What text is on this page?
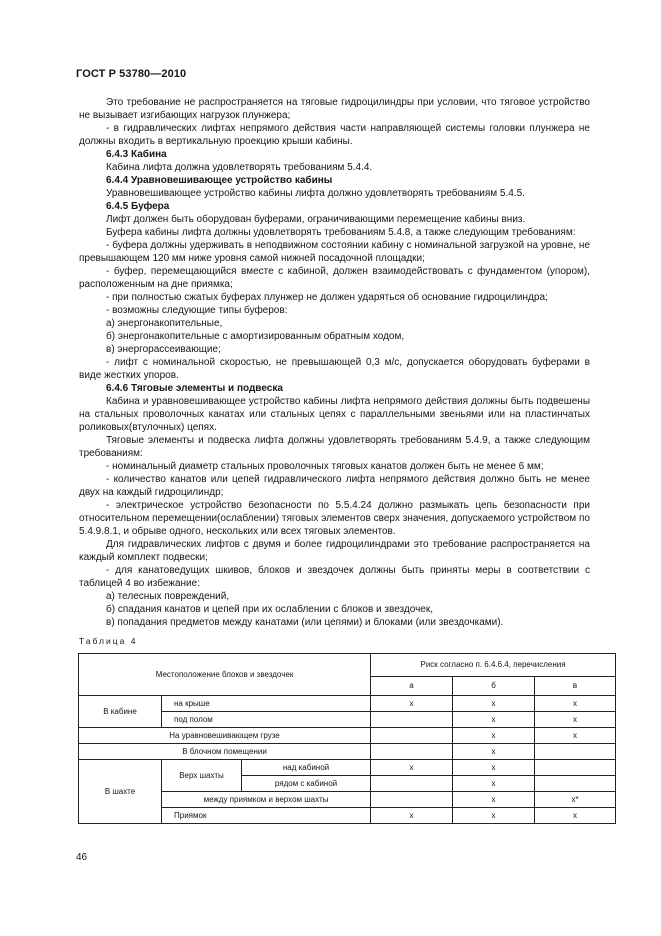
ГОСТ Р 53780—2010

Это требование не распространяется на тяговые гидроцилиндры при условии, что тяговое устройство не вызывает изгибающих нагрузок плунжера;

- в гидравлических лифтах непрямого действия части направляющей системы головки плунжера не должны входить в вертикальную проекцию крыши кабины.

6.4.3 Кабина

Кабина лифта должна удовлетворять требованиям 5.4.4.

6.4.4 Уравновешивающее устройство кабины

Уравновешивающее устройство кабины лифта должно удовлетворять требованиям 5.4.5.

6.4.5 Буфера

Лифт должен быть оборудован буферами, ограничивающими перемещение кабины вниз.

Буфера кабины лифта должны удовлетворять требованиям 5.4.8, а также следующим требованиям:

- буфера должны удерживать в неподвижном состоянии кабину с номинальной загрузкой на уровне, не превышающем 120 мм ниже уровня самой нижней посадочной площадки;

- буфер, перемещающийся вместе с кабиной, должен взаимодействовать с фундаментом (упором), расположенным на дне приямка;

- при полностью сжатых буферах плунжер не должен ударяться об основание гидроцилиндра;

- возможны следующие типы буферов:

а) энергонакопительные,

б) энергонакопительные с амортизированным обратным ходом,

в) энергорассеивающие;

- лифт с номинальной скоростью, не превышающей 0,3 м/с, допускается оборудовать буферами в виде жестких упоров.

6.4.6 Тяговые элементы и подвеска

Кабина и уравновешивающее устройство кабины лифта непрямого действия должны быть подвешены на стальных проволочных канатах или стальных цепях с параллельными звеньями или на пластинчатых роликовых(втулочных) цепях.

Тяговые элементы и подвеска лифта должны удовлетворять требованиям 5.4.9, а также следующим требованиям:

- номинальный диаметр стальных проволочных тяговых канатов должен быть не менее 6 мм;

- количество канатов или цепей гидравлического лифта непрямого действия должно быть не менее двух на каждый гидроцилиндр;

- электрическое устройство безопасности по 5.5.4.24 должно размыкать цепь безопасности при относительном перемещении(ослаблении) тяговых элементов сверх значения, допускаемого устройством по 5.4.9.8.1, и обрыве одного, нескольких или всех тяговых элементов.

Для гидравлических лифтов с двумя и более гидроцилиндрами это требование распространяется на каждый комплект подвески;

- для канатоведущих шкивов, блоков и звездочек должны быть приняты меры в соответствии с таблицей 4 во избежание:

а) телесных повреждений,

б) спадания канатов и цепей при их ослаблении с блоков и звездочек,

в) попадания предметов между канатами (или цепями) и блоками (или звездочками).

Таблица 4
Местоположение блоков и звездочек			Риск согласно п. 6.4.6.4, перечисления		
			а	б	в
В кабине	на крыше		x	x	x
	под полом			x	x
На уравновешивающем грузе				x	x
В блочном помещении				x	
В шахте	Верх шахты	над кабиной	x	x	
		рядом с кабиной		x	
	между приямком и верхом шахты			x	x*
	Приямок		x	x	x
46
